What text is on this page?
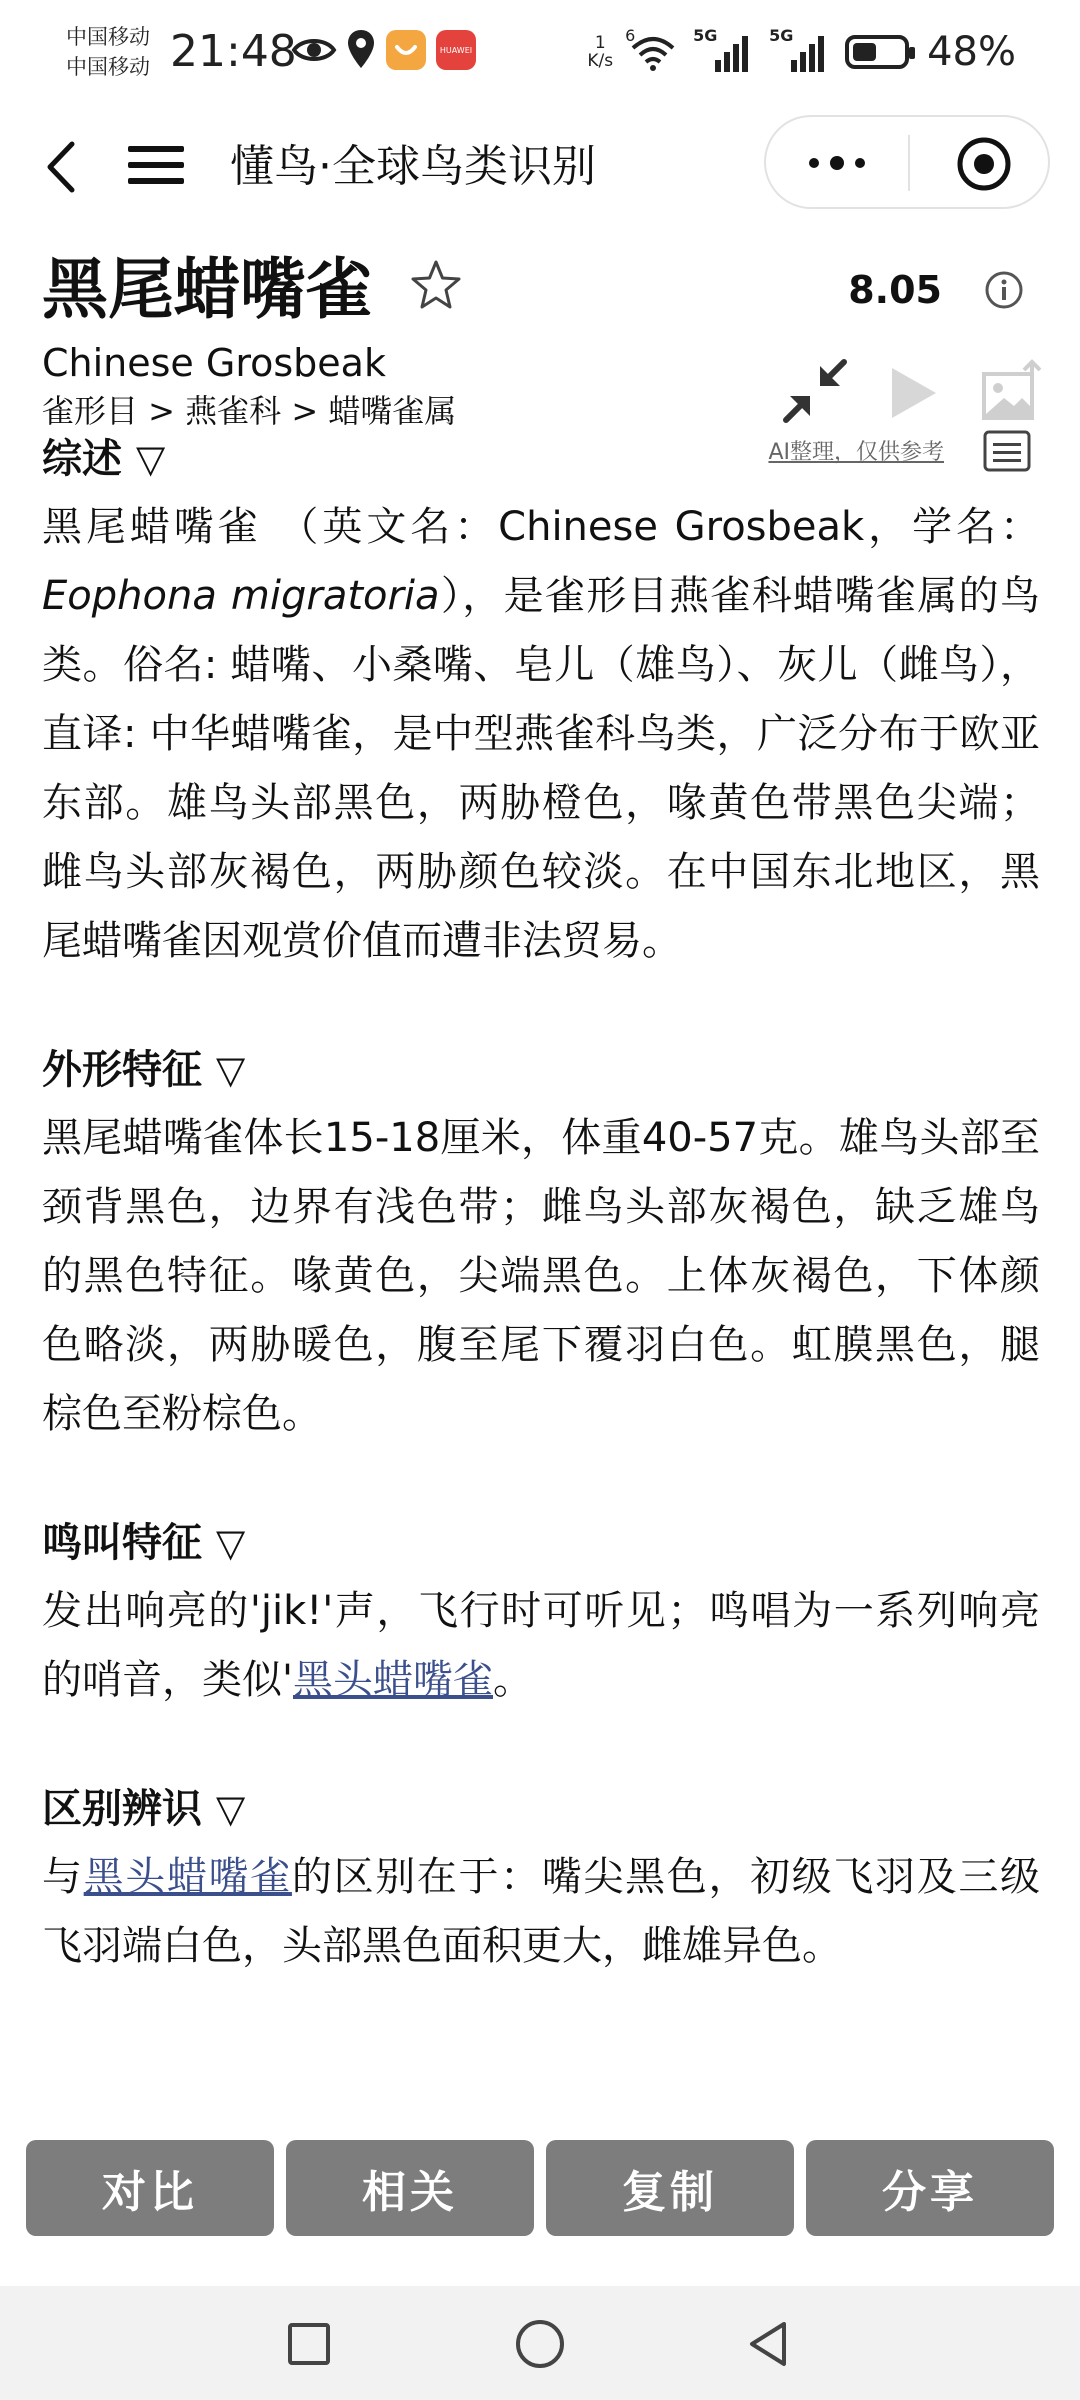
中国移动
中国移动 21:48	HUAWEI	1
K/s
6	5G	5G	48%
懂鸟·全球鸟类识别
黑尾蜡嘴雀	8.05
Chinese Grosbeak
雀形目 > 燕雀科 > 蜡嘴雀属
AI整理，仅供参考
综述 ▽

黑尾蜡嘴雀 （英文名：Chinese Grosbeak，学名：Eophona migratoria），是雀形目燕雀科蜡嘴雀属的鸟类。俗名: 蜡嘴、小桑嘴、皂儿（雄鸟）、灰儿（雌鸟），直译: 中华蜡嘴雀，是中型燕雀科鸟类，广泛分布于欧亚东部。雄鸟头部黑色，两胁橙色，喙黄色带黑色尖端；雌鸟头部灰褐色，两胁颜色较淡。在中国东北地区，黑尾蜡嘴雀因观赏价值而遭非法贸易。

外形特征 ▽

黑尾蜡嘴雀体长15-18厘米，体重40-57克。雄鸟头部至颈背黑色，边界有浅色带；雌鸟头部灰褐色，缺乏雄鸟的黑色特征。喙黄色，尖端黑色。上体灰褐色，下体颜色略淡，两胁暖色，腹至尾下覆羽白色。虹膜黑色，腿棕色至粉棕色。

鸣叫特征 ▽

发出响亮的'jik!'声，飞行时可听见；鸣唱为一系列响亮的哨音，类似'黑头蜡嘴雀。

区别辨识 ▽

与黑头蜡嘴雀的区别在于：嘴尖黑色，初级飞羽及三级飞羽端白色，头部黑色面积更大，雌雄异色。

对比	相关	复制	分享
